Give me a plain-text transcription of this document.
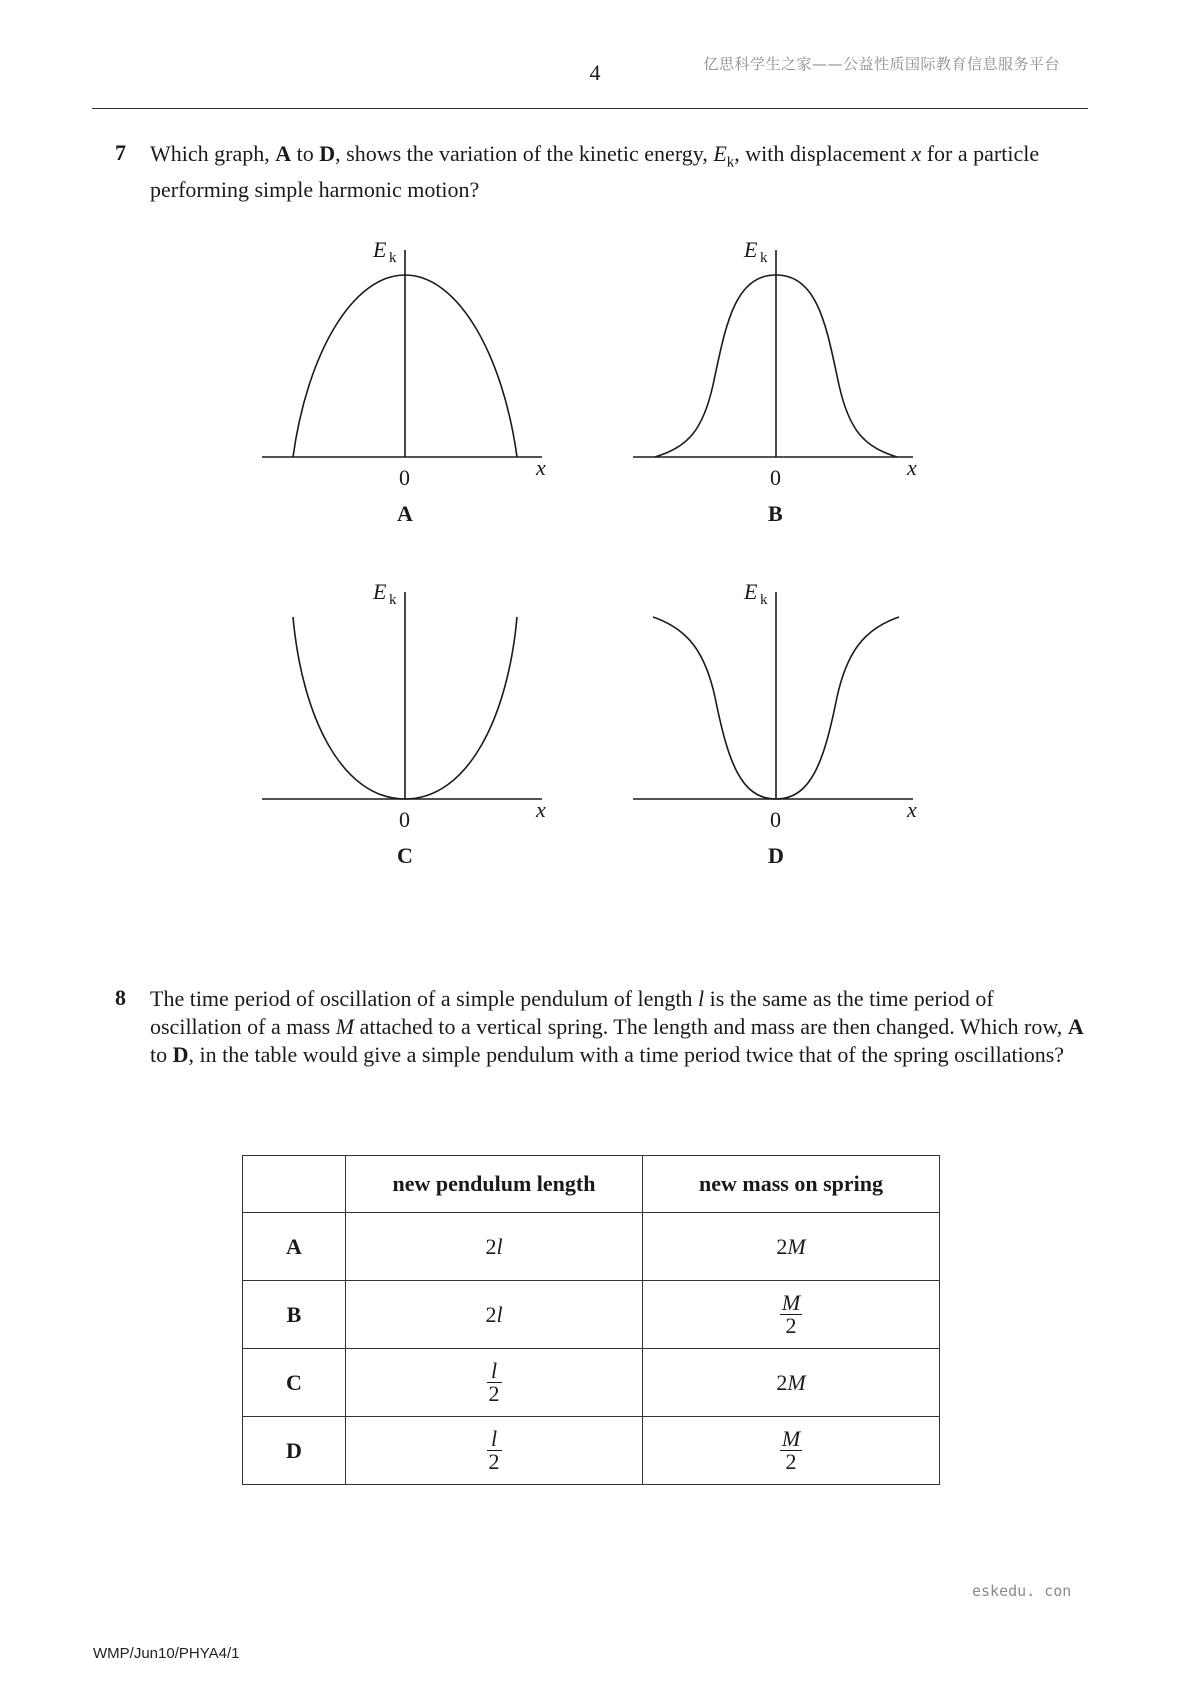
4	亿思科学生之家——公益性质国际教育信息服务平台
7 Which graph, A to D, shows the variation of the kinetic energy, $E_k$, with displacement x for a particle performing simple harmonic motion?
E k
0	x
A
E k
0	x
B
E k
0	x
C
E k
0	x
D
8 The time period of oscillation of a simple pendulum of length l is the same as the time period of oscillation of a mass M attached to a vertical spring. The length and mass are then changed. Which row, A to D, in the table would give a simple pendulum with a time period twice that of the spring oscillations?
	new pendulum length	new mass on spring
A	2l	2M
B	2l	$\frac{M}{2}$

C	$\frac{l}{2}$	2M
D	$\frac{l}{2}$	$\frac{M}{2}$
eskedu. con
WMP/Jun10/PHYA4/1
